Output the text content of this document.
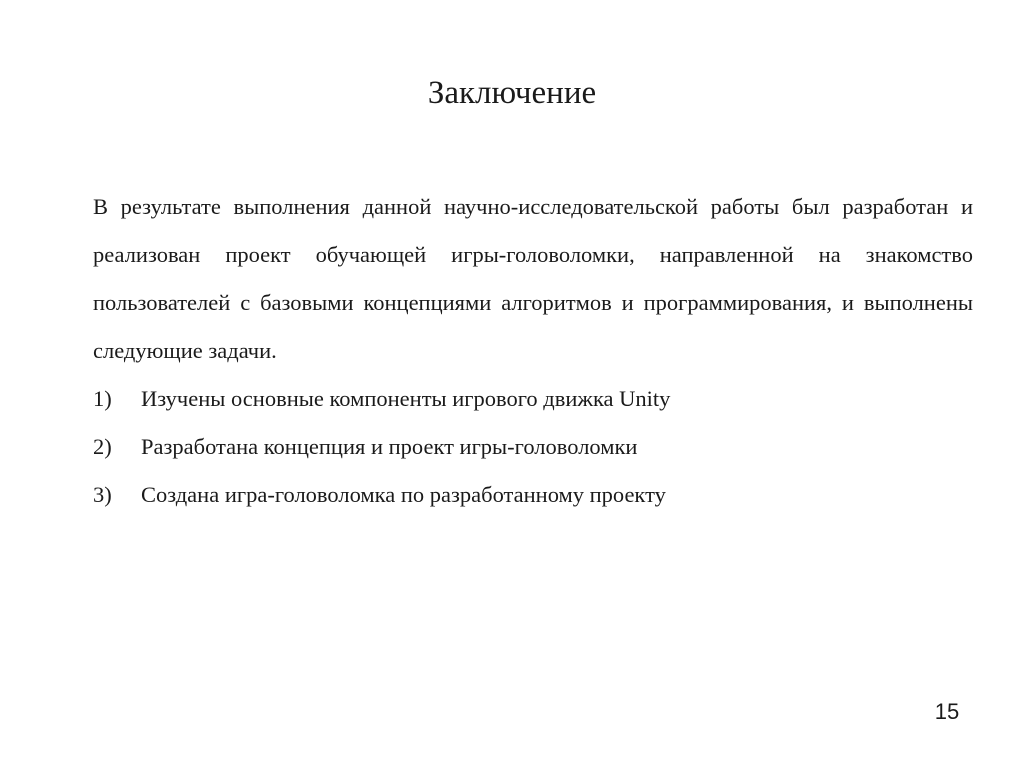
Заключение

В результате выполнения данной научно-исследовательской работы был разработан и реализован проект обучающей игры-головоломки, направленной на знакомство пользователей с базовыми концепциями алгоритмов и программирования, и выполнены следующие задачи.

1)	Изучены основные компоненты игрового движка Unity
2)	Разработана концепция и проект игры-головоломки
3)	Создана игра-головоломка по разработанному проекту
15
